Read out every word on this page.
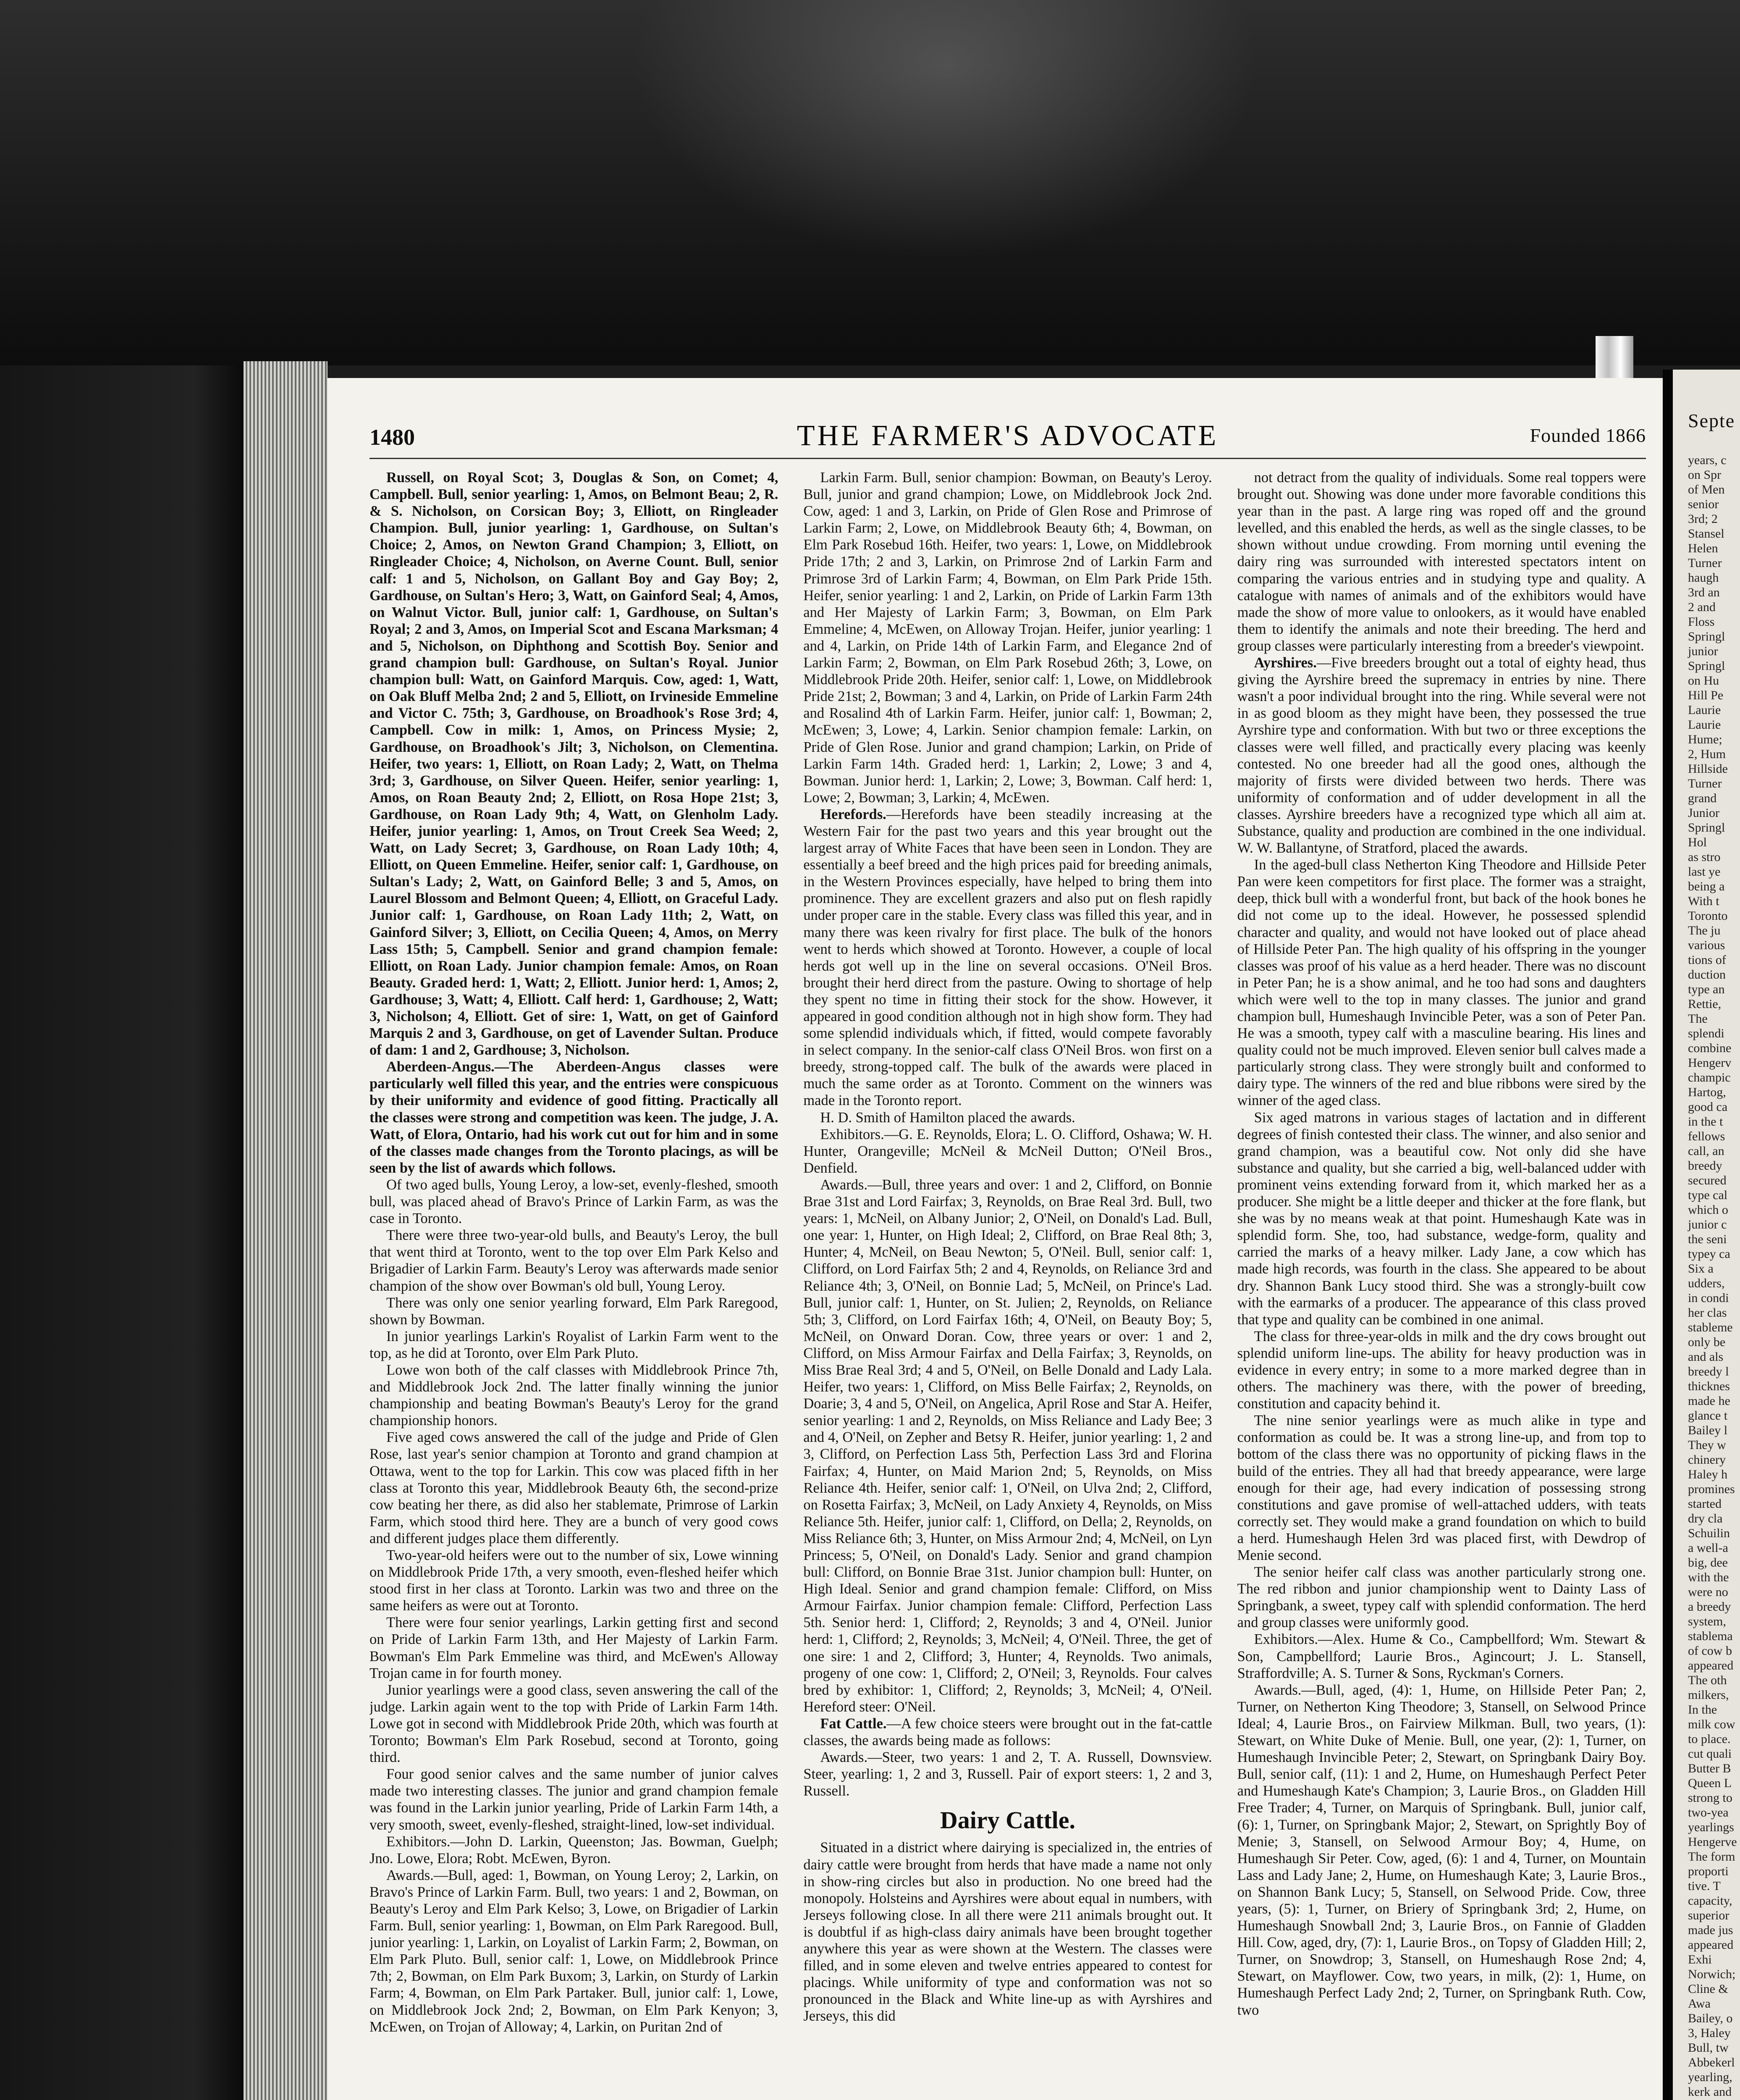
1480	THE FARMER'S ADVOCATE	Founded 1866

Russell, on Royal Scot; 3, Douglas & Son, on Comet; 4, Campbell. Bull, senior yearling: 1, Amos, on Belmont Beau; 2, R. & S. Nicholson, on Corsican Boy; 3, Elliott, on Ringleader Champion. Bull, junior yearling: 1, Gardhouse, on Sultan's Choice; 2, Amos, on Newton Grand Champion; 3, Elliott, on Ringleader Choice; 4, Nicholson, on Averne Count. Bull, senior calf: 1 and 5, Nicholson, on Gallant Boy and Gay Boy; 2, Gardhouse, on Sultan's Hero; 3, Watt, on Gainford Seal; 4, Amos, on Walnut Victor. Bull, junior calf: 1, Gardhouse, on Sultan's Royal; 2 and 3, Amos, on Imperial Scot and Escana Marksman; 4 and 5, Nicholson, on Diphthong and Scottish Boy. Senior and grand champion bull: Gardhouse, on Sultan's Royal. Junior champion bull: Watt, on Gainford Marquis. Cow, aged: 1, Watt, on Oak Bluff Melba 2nd; 2 and 5, Elliott, on Irvineside Emmeline and Victor C. 75th; 3, Gardhouse, on Broadhook's Rose 3rd; 4, Campbell. Cow in milk: 1, Amos, on Princess Mysie; 2, Gardhouse, on Broadhook's Jilt; 3, Nicholson, on Clementina. Heifer, two years: 1, Elliott, on Roan Lady; 2, Watt, on Thelma 3rd; 3, Gardhouse, on Silver Queen. Heifer, senior yearling: 1, Amos, on Roan Beauty 2nd; 2, Elliott, on Rosa Hope 21st; 3, Gardhouse, on Roan Lady 9th; 4, Watt, on Glenholm Lady. Heifer, junior yearling: 1, Amos, on Trout Creek Sea Weed; 2, Watt, on Lady Secret; 3, Gardhouse, on Roan Lady 10th; 4, Elliott, on Queen Emmeline. Heifer, senior calf: 1, Gardhouse, on Sultan's Lady; 2, Watt, on Gainford Belle; 3 and 5, Amos, on Laurel Blossom and Belmont Queen; 4, Elliott, on Graceful Lady. Junior calf: 1, Gardhouse, on Roan Lady 11th; 2, Watt, on Gainford Silver; 3, Elliott, on Cecilia Queen; 4, Amos, on Merry Lass 15th; 5, Campbell. Senior and grand champion female: Elliott, on Roan Lady. Junior champion female: Amos, on Roan Beauty. Graded herd: 1, Watt; 2, Elliott. Junior herd: 1, Amos; 2, Gardhouse; 3, Watt; 4, Elliott. Calf herd: 1, Gardhouse; 2, Watt; 3, Nicholson; 4, Elliott. Get of sire: 1, Watt, on get of Gainford Marquis 2 and 3, Gardhouse, on get of Lavender Sultan. Produce of dam: 1 and 2, Gardhouse; 3, Nicholson.

Aberdeen-Angus.—The Aberdeen-Angus classes were particularly well filled this year, and the entries were conspicuous by their uniformity and evidence of good fitting. Practically all the classes were strong and competition was keen. The judge, J. A. Watt, of Elora, Ontario, had his work cut out for him and in some of the classes made changes from the Toronto placings, as will be seen by the list of awards which follows.

Of two aged bulls, Young Leroy, a low-set, evenly-fleshed, smooth bull, was placed ahead of Bravo's Prince of Larkin Farm, as was the case in Toronto.

There were three two-year-old bulls, and Beauty's Leroy, the bull that went third at Toronto, went to the top over Elm Park Kelso and Brigadier of Larkin Farm. Beauty's Leroy was afterwards made senior champion of the show over Bowman's old bull, Young Leroy.

There was only one senior yearling forward, Elm Park Raregood, shown by Bowman.

In junior yearlings Larkin's Royalist of Larkin Farm went to the top, as he did at Toronto, over Elm Park Pluto.

Lowe won both of the calf classes with Middlebrook Prince 7th, and Middlebrook Jock 2nd. The latter finally winning the junior championship and beating Bowman's Beauty's Leroy for the grand championship honors.

Five aged cows answered the call of the judge and Pride of Glen Rose, last year's senior champion at Toronto and grand champion at Ottawa, went to the top for Larkin. This cow was placed fifth in her class at Toronto this year, Middlebrook Beauty 6th, the second-prize cow beating her there, as did also her stablemate, Primrose of Larkin Farm, which stood third here. They are a bunch of very good cows and different judges place them differently.

Two-year-old heifers were out to the number of six, Lowe winning on Middlebrook Pride 17th, a very smooth, even-fleshed heifer which stood first in her class at Toronto. Larkin was two and three on the same heifers as were out at Toronto.

There were four senior yearlings, Larkin getting first and second on Pride of Larkin Farm 13th, and Her Majesty of Larkin Farm. Bowman's Elm Park Emmeline was third, and McEwen's Alloway Trojan came in for fourth money.

Junior yearlings were a good class, seven answering the call of the judge. Larkin again went to the top with Pride of Larkin Farm 14th. Lowe got in second with Middlebrook Pride 20th, which was fourth at Toronto; Bowman's Elm Park Rosebud, second at Toronto, going third.

Four good senior calves and the same number of junior calves made two interesting classes. The junior and grand champion female was found in the Larkin junior yearling, Pride of Larkin Farm 14th, a very smooth, sweet, evenly-fleshed, straight-lined, low-set individual.

Exhibitors.—John D. Larkin, Queenston; Jas. Bowman, Guelph; Jno. Lowe, Elora; Robt. McEwen, Byron.

Awards.—Bull, aged: 1, Bowman, on Young Leroy; 2, Larkin, on Bravo's Prince of Larkin Farm. Bull, two years: 1 and 2, Bowman, on Beauty's Leroy and Elm Park Kelso; 3, Lowe, on Brigadier of Larkin Farm. Bull, senior yearling: 1, Bowman, on Elm Park Raregood. Bull, junior yearling: 1, Larkin, on Loyalist of Larkin Farm; 2, Bowman, on Elm Park Pluto. Bull, senior calf: 1, Lowe, on Middlebrook Prince 7th; 2, Bowman, on Elm Park Buxom; 3, Larkin, on Sturdy of Larkin Farm; 4, Bowman, on Elm Park Partaker. Bull, junior calf: 1, Lowe, on Middlebrook Jock 2nd; 2, Bowman, on Elm Park Kenyon; 3, McEwen, on Trojan of Alloway; 4, Larkin, on Puritan 2nd of

Larkin Farm. Bull, senior champion: Bowman, on Beauty's Leroy. Bull, junior and grand champion; Lowe, on Middlebrook Jock 2nd. Cow, aged: 1 and 3, Larkin, on Pride of Glen Rose and Primrose of Larkin Farm; 2, Lowe, on Middlebrook Beauty 6th; 4, Bowman, on Elm Park Rosebud 16th. Heifer, two years: 1, Lowe, on Middlebrook Pride 17th; 2 and 3, Larkin, on Primrose 2nd of Larkin Farm and Primrose 3rd of Larkin Farm; 4, Bowman, on Elm Park Pride 15th. Heifer, senior yearling: 1 and 2, Larkin, on Pride of Larkin Farm 13th and Her Majesty of Larkin Farm; 3, Bowman, on Elm Park Emmeline; 4, McEwen, on Alloway Trojan. Heifer, junior yearling: 1 and 4, Larkin, on Pride 14th of Larkin Farm, and Elegance 2nd of Larkin Farm; 2, Bowman, on Elm Park Rosebud 26th; 3, Lowe, on Middlebrook Pride 20th. Heifer, senior calf: 1, Lowe, on Middlebrook Pride 21st; 2, Bowman; 3 and 4, Larkin, on Pride of Larkin Farm 24th and Rosalind 4th of Larkin Farm. Heifer, junior calf: 1, Bowman; 2, McEwen; 3, Lowe; 4, Larkin. Senior champion female: Larkin, on Pride of Glen Rose. Junior and grand champion; Larkin, on Pride of Larkin Farm 14th. Graded herd: 1, Larkin; 2, Lowe; 3 and 4, Bowman. Junior herd: 1, Larkin; 2, Lowe; 3, Bowman. Calf herd: 1, Lowe; 2, Bowman; 3, Larkin; 4, McEwen.

Herefords.—Herefords have been steadily increasing at the Western Fair for the past two years and this year brought out the largest array of White Faces that have been seen in London. They are essentially a beef breed and the high prices paid for breeding animals, in the Western Provinces especially, have helped to bring them into prominence. They are excellent grazers and also put on flesh rapidly under proper care in the stable. Every class was filled this year, and in many there was keen rivalry for first place. The bulk of the honors went to herds which showed at Toronto. However, a couple of local herds got well up in the line on several occasions. O'Neil Bros. brought their herd direct from the pasture. Owing to shortage of help they spent no time in fitting their stock for the show. However, it appeared in good condition although not in high show form. They had some splendid individuals which, if fitted, would compete favorably in select company. In the senior-calf class O'Neil Bros. won first on a breedy, strong-topped calf. The bulk of the awards were placed in much the same order as at Toronto. Comment on the winners was made in the Toronto report.

H. D. Smith of Hamilton placed the awards.

Exhibitors.—G. E. Reynolds, Elora; L. O. Clifford, Oshawa; W. H. Hunter, Orangeville; McNeil & McNeil Dutton; O'Neil Bros., Denfield.

Awards.—Bull, three years and over: 1 and 2, Clifford, on Bonnie Brae 31st and Lord Fairfax; 3, Reynolds, on Brae Real 3rd. Bull, two years: 1, McNeil, on Albany Junior; 2, O'Neil, on Donald's Lad. Bull, one year: 1, Hunter, on High Ideal; 2, Clifford, on Brae Real 8th; 3, Hunter; 4, McNeil, on Beau Newton; 5, O'Neil. Bull, senior calf: 1, Clifford, on Lord Fairfax 5th; 2 and 4, Reynolds, on Reliance 3rd and Reliance 4th; 3, O'Neil, on Bonnie Lad; 5, McNeil, on Prince's Lad. Bull, junior calf: 1, Hunter, on St. Julien; 2, Reynolds, on Reliance 5th; 3, Clifford, on Lord Fairfax 16th; 4, O'Neil, on Beauty Boy; 5, McNeil, on Onward Doran. Cow, three years or over: 1 and 2, Clifford, on Miss Armour Fairfax and Della Fairfax; 3, Reynolds, on Miss Brae Real 3rd; 4 and 5, O'Neil, on Belle Donald and Lady Lala. Heifer, two years: 1, Clifford, on Miss Belle Fairfax; 2, Reynolds, on Doarie; 3, 4 and 5, O'Neil, on Angelica, April Rose and Star A. Heifer, senior yearling: 1 and 2, Reynolds, on Miss Reliance and Lady Bee; 3 and 4, O'Neil, on Zepher and Betsy R. Heifer, junior yearling: 1, 2 and 3, Clifford, on Perfection Lass 5th, Perfection Lass 3rd and Florina Fairfax; 4, Hunter, on Maid Marion 2nd; 5, Reynolds, on Miss Reliance 4th. Heifer, senior calf: 1, O'Neil, on Ulva 2nd; 2, Clifford, on Rosetta Fairfax; 3, McNeil, on Lady Anxiety 4, Reynolds, on Miss Reliance 5th. Heifer, junior calf: 1, Clifford, on Della; 2, Reynolds, on Miss Reliance 6th; 3, Hunter, on Miss Armour 2nd; 4, McNeil, on Lyn Princess; 5, O'Neil, on Donald's Lady. Senior and grand champion bull: Clifford, on Bonnie Brae 31st. Junior champion bull: Hunter, on High Ideal. Senior and grand champion female: Clifford, on Miss Armour Fairfax. Junior champion female: Clifford, Perfection Lass 5th. Senior herd: 1, Clifford; 2, Reynolds; 3 and 4, O'Neil. Junior herd: 1, Clifford; 2, Reynolds; 3, McNeil; 4, O'Neil. Three, the get of one sire: 1 and 2, Clifford; 3, Hunter; 4, Reynolds. Two animals, progeny of one cow: 1, Clifford; 2, O'Neil; 3, Reynolds. Four calves bred by exhibitor: 1, Clifford; 2, Reynolds; 3, McNeil; 4, O'Neil. Hereford steer: O'Neil.

Fat Cattle.—A few choice steers were brought out in the fat-cattle classes, the awards being made as follows:

Awards.—Steer, two years: 1 and 2, T. A. Russell, Downsview. Steer, yearling: 1, 2 and 3, Russell. Pair of export steers: 1, 2 and 3, Russell.

Dairy Cattle.

Situated in a district where dairying is specialized in, the entries of dairy cattle were brought from herds that have made a name not only in show-ring circles but also in production. No one breed had the monopoly. Holsteins and Ayrshires were about equal in numbers, with Jerseys following close. In all there were 211 animals brought out. It is doubtful if as high-class dairy animals have been brought together anywhere this year as were shown at the Western. The classes were filled, and in some eleven and twelve entries appeared to contest for placings. While uniformity of type and conformation was not so pronounced in the Black and White line-up as with Ayrshires and Jerseys, this did

not detract from the quality of individuals. Some real toppers were brought out. Showing was done under more favorable conditions this year than in the past. A large ring was roped off and the ground levelled, and this enabled the herds, as well as the single classes, to be shown without undue crowding. From morning until evening the dairy ring was surrounded with interested spectators intent on comparing the various entries and in studying type and quality. A catalogue with names of animals and of the exhibitors would have made the show of more value to onlookers, as it would have enabled them to identify the animals and note their breeding. The herd and group classes were particularly interesting from a breeder's viewpoint.

Ayrshires.—Five breeders brought out a total of eighty head, thus giving the Ayrshire breed the supremacy in entries by nine. There wasn't a poor individual brought into the ring. While several were not in as good bloom as they might have been, they possessed the true Ayrshire type and conformation. With but two or three exceptions the classes were well filled, and practically every placing was keenly contested. No one breeder had all the good ones, although the majority of firsts were divided between two herds. There was uniformity of conformation and of udder development in all the classes. Ayrshire breeders have a recognized type which all aim at. Substance, quality and production are combined in the one individual. W. W. Ballantyne, of Stratford, placed the awards.

In the aged-bull class Netherton King Theodore and Hillside Peter Pan were keen competitors for first place. The former was a straight, deep, thick bull with a wonderful front, but back of the hook bones he did not come up to the ideal. However, he possessed splendid character and quality, and would not have looked out of place ahead of Hillside Peter Pan. The high quality of his offspring in the younger classes was proof of his value as a herd header. There was no discount in Peter Pan; he is a show animal, and he too had sons and daughters which were well to the top in many classes. The junior and grand champion bull, Humeshaugh Invincible Peter, was a son of Peter Pan. He was a smooth, typey calf with a masculine bearing. His lines and quality could not be much improved. Eleven senior bull calves made a particularly strong class. They were strongly built and conformed to dairy type. The winners of the red and blue ribbons were sired by the winner of the aged class.

Six aged matrons in various stages of lactation and in different degrees of finish contested their class. The winner, and also senior and grand champion, was a beautiful cow. Not only did she have substance and quality, but she carried a big, well-balanced udder with prominent veins extending forward from it, which marked her as a producer. She might be a little deeper and thicker at the fore flank, but she was by no means weak at that point. Humeshaugh Kate was in splendid form. She, too, had substance, wedge-form, quality and carried the marks of a heavy milker. Lady Jane, a cow which has made high records, was fourth in the class. She appeared to be about dry. Shannon Bank Lucy stood third. She was a strongly-built cow with the earmarks of a producer. The appearance of this class proved that type and quality can be combined in one animal.

The class for three-year-olds in milk and the dry cows brought out splendid uniform line-ups. The ability for heavy production was in evidence in every entry; in some to a more marked degree than in others. The machinery was there, with the power of breeding, constitution and capacity behind it.

The nine senior yearlings were as much alike in type and conformation as could be. It was a strong line-up, and from top to bottom of the class there was no opportunity of picking flaws in the build of the entries. They all had that breedy appearance, were large enough for their age, had every indication of possessing strong constitutions and gave promise of well-attached udders, with teats correctly set. They would make a grand foundation on which to build a herd. Humeshaugh Helen 3rd was placed first, with Dewdrop of Menie second.

The senior heifer calf class was another particularly strong one. The red ribbon and junior championship went to Dainty Lass of Springbank, a sweet, typey calf with splendid conformation. The herd and group classes were uniformly good.

Exhibitors.—Alex. Hume & Co., Campbellford; Wm. Stewart & Son, Campbellford; Laurie Bros., Agincourt; J. L. Stansell, Straffordville; A. S. Turner & Sons, Ryckman's Corners.

Awards.—Bull, aged, (4): 1, Hume, on Hillside Peter Pan; 2, Turner, on Netherton King Theodore; 3, Stansell, on Selwood Prince Ideal; 4, Laurie Bros., on Fairview Milkman. Bull, two years, (1): Stewart, on White Duke of Menie. Bull, one year, (2): 1, Turner, on Humeshaugh Invincible Peter; 2, Stewart, on Springbank Dairy Boy. Bull, senior calf, (11): 1 and 2, Hume, on Humeshaugh Perfect Peter and Humeshaugh Kate's Champion; 3, Laurie Bros., on Gladden Hill Free Trader; 4, Turner, on Marquis of Springbank. Bull, junior calf, (6): 1, Turner, on Springbank Major; 2, Stewart, on Sprightly Boy of Menie; 3, Stansell, on Selwood Armour Boy; 4, Hume, on Humeshaugh Sir Peter. Cow, aged, (6): 1 and 4, Turner, on Mountain Lass and Lady Jane; 2, Hume, on Humeshaugh Kate; 3, Laurie Bros., on Shannon Bank Lucy; 5, Stansell, on Selwood Pride. Cow, three years, (5): 1, Turner, on Briery of Springbank 3rd; 2, Hume, on Humeshaugh Snowball 2nd; 3, Laurie Bros., on Fannie of Gladden Hill. Cow, aged, dry, (7): 1, Laurie Bros., on Topsy of Gladden Hill; 2, Turner, on Snowdrop; 3, Stansell, on Humeshaugh Rose 2nd; 4, Stewart, on Mayflower. Cow, two years, in milk, (2): 1, Hume, on Humeshaugh Perfect Lady 2nd; 2, Turner, on Springbank Ruth. Cow, two

Septe

years, c

on Spr

of Men

senior

3rd; 2

Stansel

Helen

Turner

haugh

3rd an

2 and

Floss

Springl

junior

Springl

on Hu

Hill Pe

Laurie

Laurie

Hume;

2, Hum

Hillside

Turner

grand

Junior

Springl

Hol

as stro

last ye

being a

With t

Toronto

The ju

various

tions of

duction

type an

Rettie,

The

splendi

combine

Hengerv

champic

Hartog,

good ca

in the t

fellows

call, an

breedy

secured

type cal

which o

junior c

the seni

typey ca

Six a

udders,

in condi

her clas

stableme

only be

and als

breedy l

thicknes

made he

glance t

Bailey l

They w

chinery

Haley h

promines

started

dry cla

Schuilin

a well-a

big, dee

with the

were no

a breedy

system,

stablema

of cow b

appeared

The oth

milkers,

In the

milk cow

to place.

cut quali

Butter B

Queen L

strong to

two-yea

yearlings

Hengerve

The form

proporti

tive. T

capacity,

superior

made jus

appeared

Exhi

Norwich;

Cline &

Awa

Bailey, o

3, Haley

Bull, tw

Abbekerl

yearling,

kerk and
